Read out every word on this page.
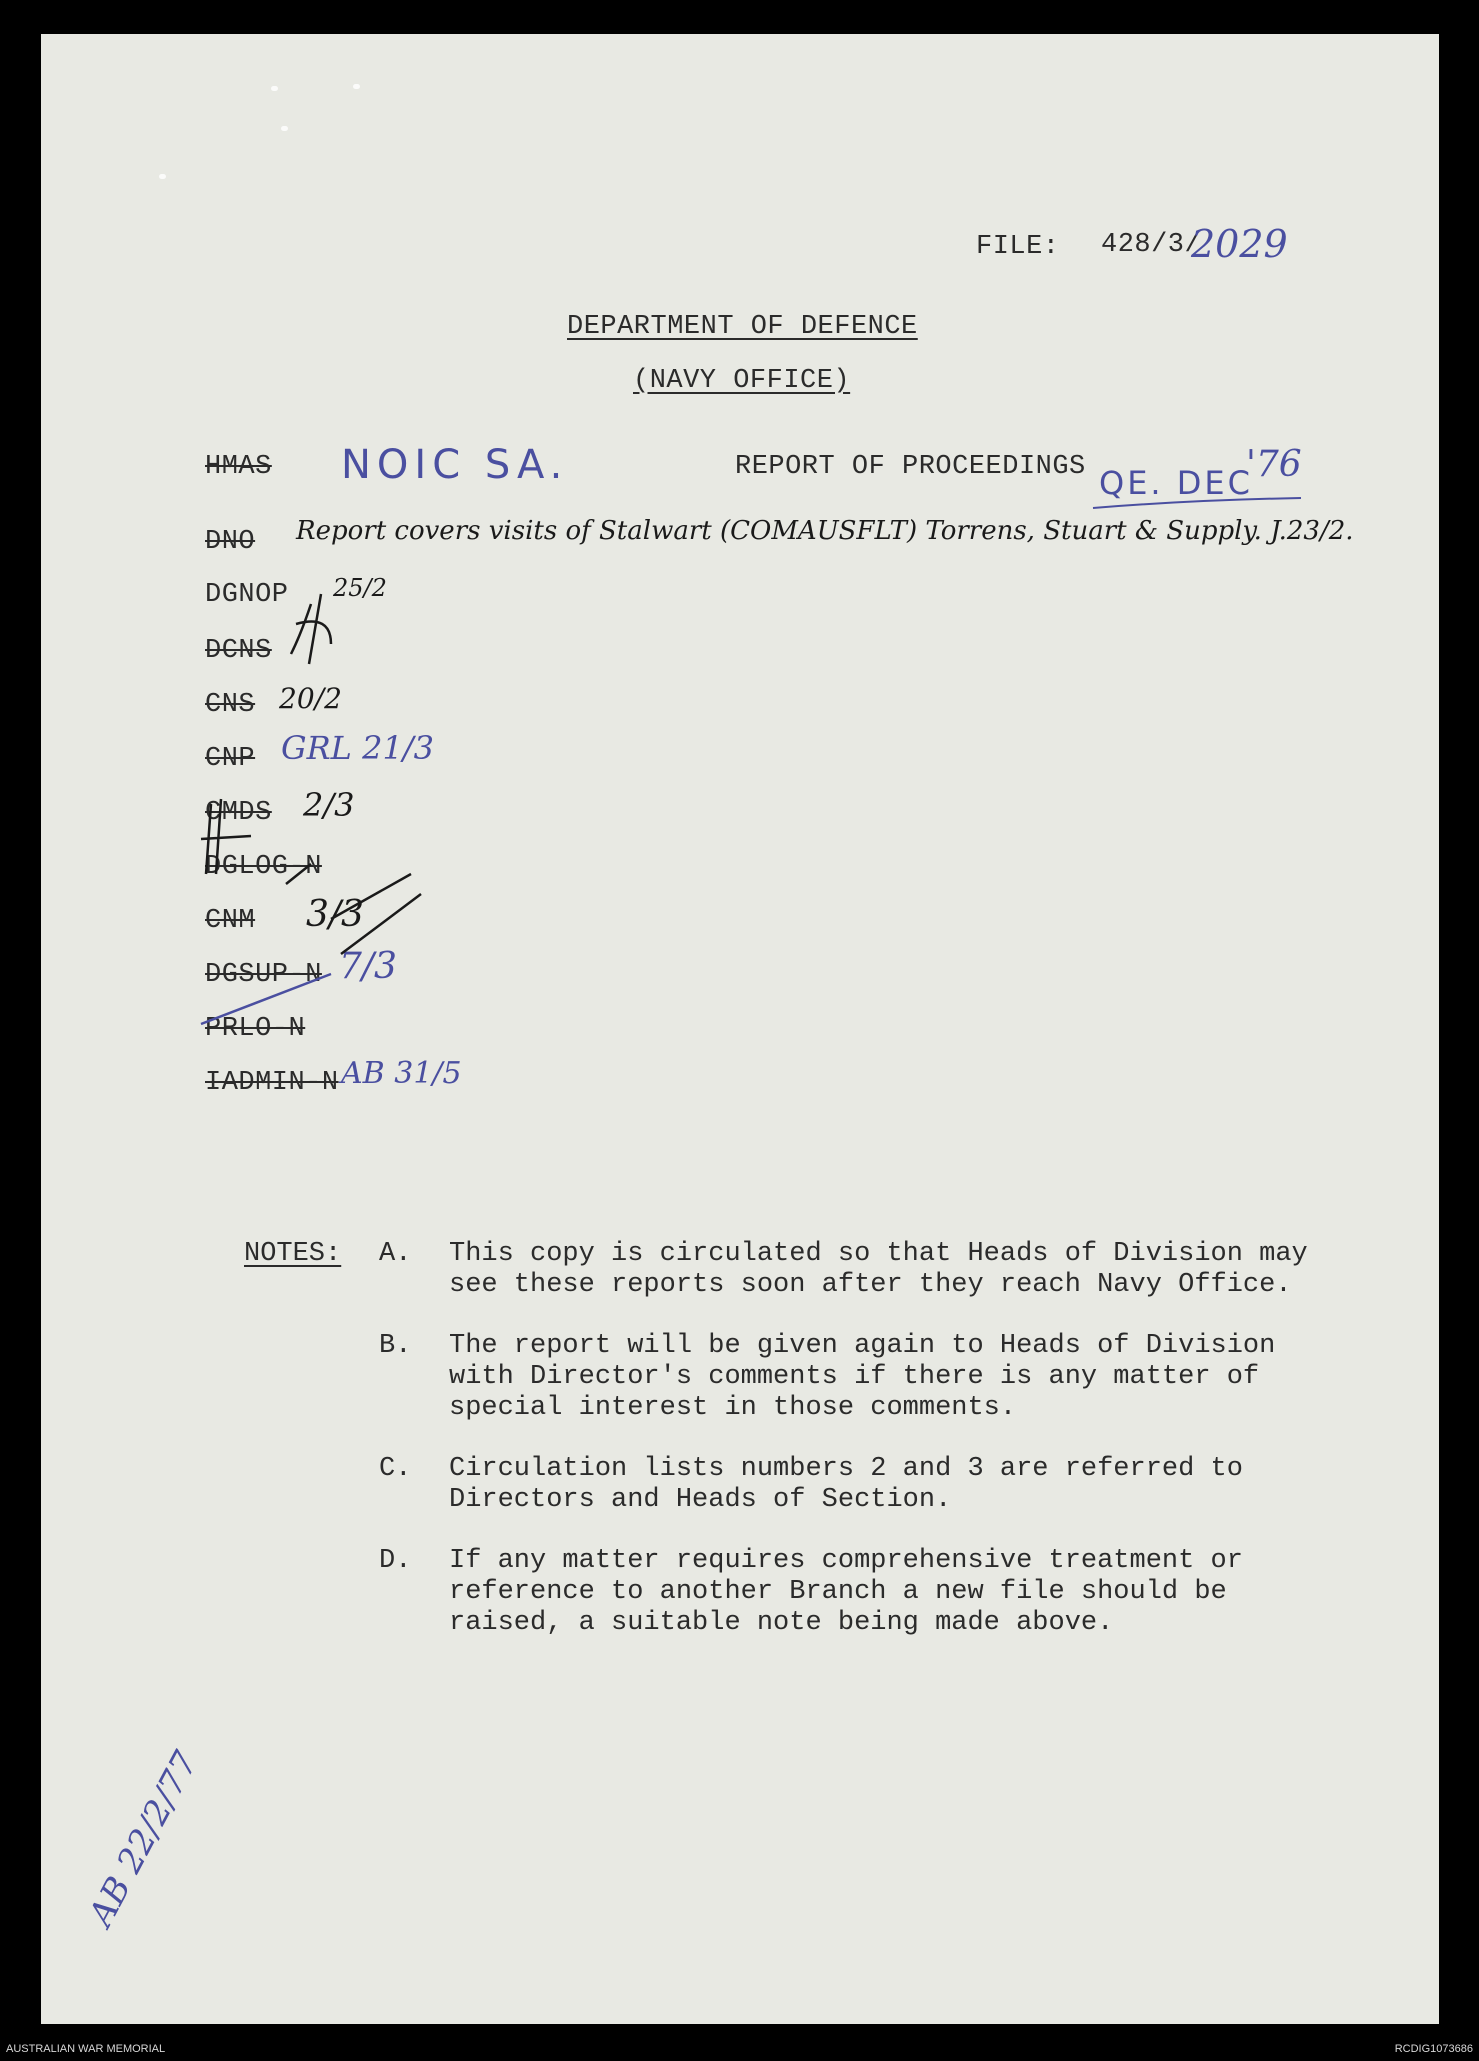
FILE: 428/3/
2029
DEPARTMENT OF DEFENCE
(NAVY OFFICE)
HMAS NOIC SA.	REPORT OF PROCEEDINGS QE. DEC
'76
DNO Report covers visits of Stalwart (COMAUSFLT) Torrens, Stuart & Supply. J.23/2.
DGNOP 25/2
DCNS
CNS 20/2
CNP GRL 21/3
CMDS 2/3
DGLOG-N
CNM 3/3
DGSUP-N 7/3
PRLO-N
IADMIN-N AB 31/5
NOTES: A. This copy is circulated so that Heads of Division may see these reports soon after they reach Navy Office.
B. The report will be given again to Heads of Division with Director's comments if there is any matter of special interest in those comments.
C. Circulation lists numbers 2 and 3 are referred to Directors and Heads of Section.
D. If any matter requires comprehensive treatment or reference to another Branch a new file should be raised, a suitable note being made above.
AB 22/2/77
AUSTRALIAN WAR MEMORIAL	RCDIG1073686
